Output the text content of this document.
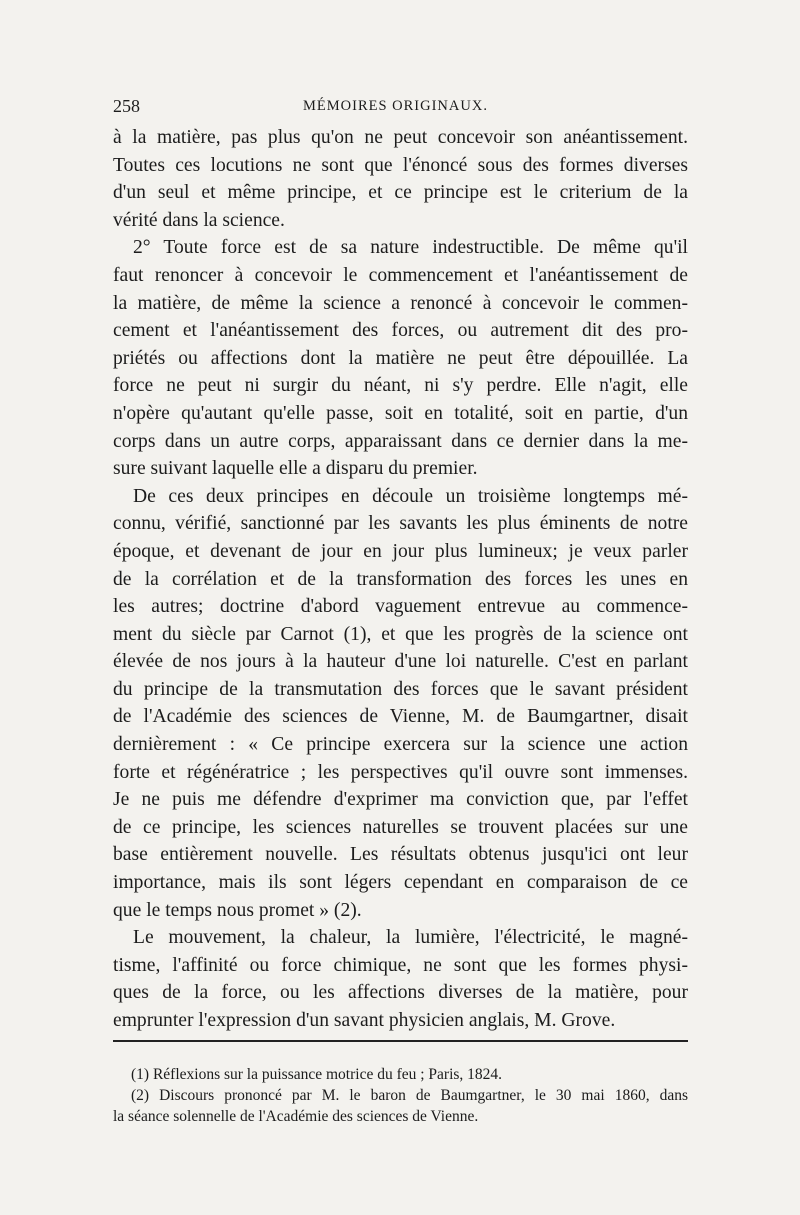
258	MÉMOIRES ORIGINAUX.
à la matière, pas plus qu'on ne peut concevoir son anéantissement.
Toutes ces locutions ne sont que l'énoncé sous des formes diverses
d'un seul et même principe, et ce principe est le criterium de la
vérité dans la science.
2° Toute force est de sa nature indestructible. De même qu'il
faut renoncer à concevoir le commencement et l'anéantissement de
la matière, de même la science a renoncé à concevoir le commen-
cement et l'anéantissement des forces, ou autrement dit des pro-
priétés ou affections dont la matière ne peut être dépouillée. La
force ne peut ni surgir du néant, ni s'y perdre. Elle n'agit, elle
n'opère qu'autant qu'elle passe, soit en totalité, soit en partie, d'un
corps dans un autre corps, apparaissant dans ce dernier dans la me-
sure suivant laquelle elle a disparu du premier.
De ces deux principes en découle un troisième longtemps mé-
connu, vérifié, sanctionné par les savants les plus éminents de notre
époque, et devenant de jour en jour plus lumineux; je veux parler
de la corrélation et de la transformation des forces les unes en
les autres; doctrine d'abord vaguement entrevue au commence-
ment du siècle par Carnot (1), et que les progrès de la science ont
élevée de nos jours à la hauteur d'une loi naturelle. C'est en parlant
du principe de la transmutation des forces que le savant président
de l'Académie des sciences de Vienne, M. de Baumgartner, disait
dernièrement : « Ce principe exercera sur la science une action
forte et régénératrice ; les perspectives qu'il ouvre sont immenses.
Je ne puis me défendre d'exprimer ma conviction que, par l'effet
de ce principe, les sciences naturelles se trouvent placées sur une
base entièrement nouvelle. Les résultats obtenus jusqu'ici ont leur
importance, mais ils sont légers cependant en comparaison de ce
que le temps nous promet » (2).
Le mouvement, la chaleur, la lumière, l'électricité, le magné-
tisme, l'affinité ou force chimique, ne sont que les formes physi-
ques de la force, ou les affections diverses de la matière, pour
emprunter l'expression d'un savant physicien anglais, M. Grove.
(1) Réflexions sur la puissance motrice du feu ; Paris, 1824.
(2) Discours prononcé par M. le baron de Baumgartner, le 30 mai 1860, dans
la séance solennelle de l'Académie des sciences de Vienne.
